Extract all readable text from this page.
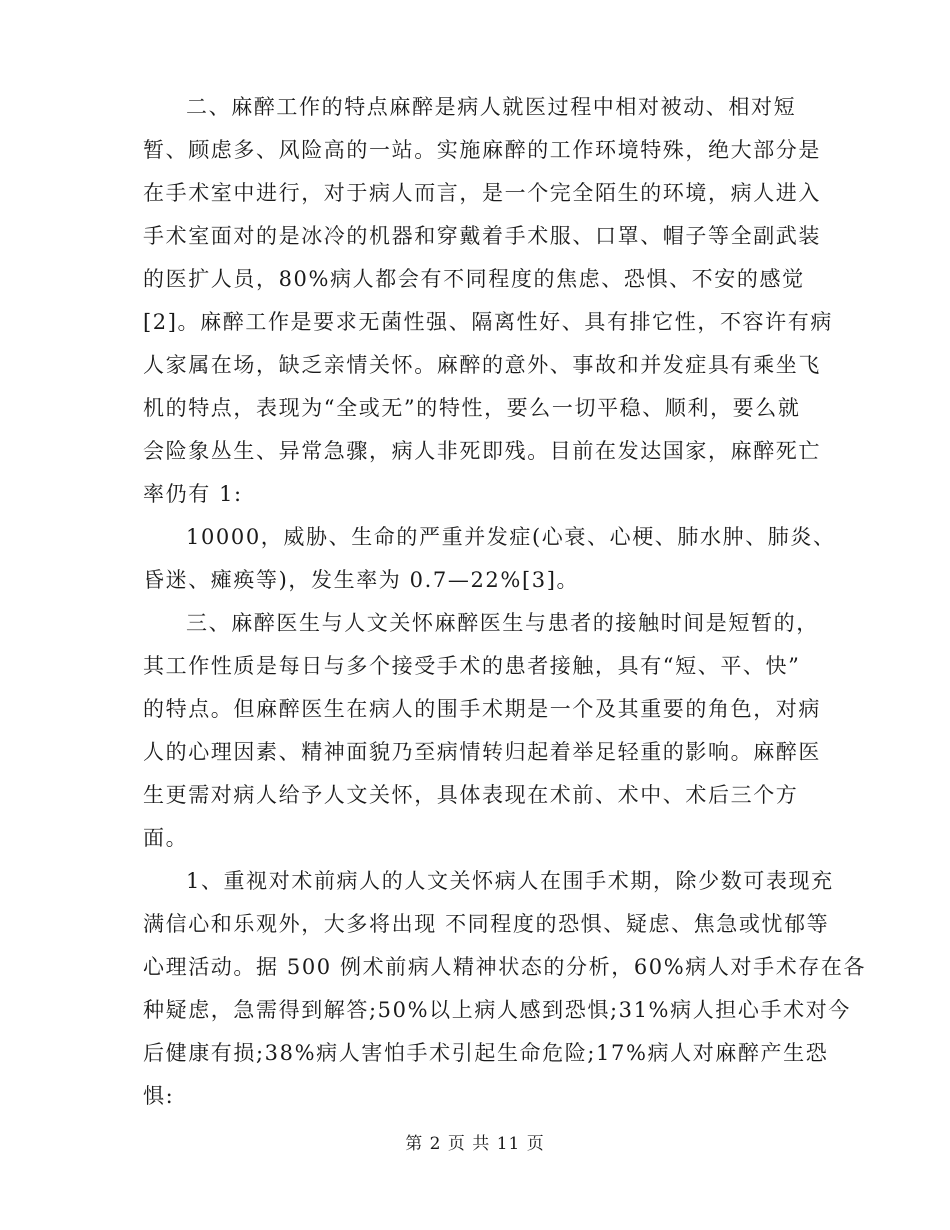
二、麻醉工作的特点麻醉是病人就医过程中相对被动、相对短
暂、顾虑多、风险高的一站。实施麻醉的工作环境特殊，绝大部分是
在手术室中进行，对于病人而言，是一个完全陌生的环境，病人进入
手术室面对的是冰冷的机器和穿戴着手术服、口罩、帽子等全副武装
的医扩人员，80%病人都会有不同程度的焦虑、恐惧、不安的感觉
[2]。麻醉工作是要求无菌性强、隔离性好、具有排它性，不容许有病
人家属在场，缺乏亲情关怀。麻醉的意外、事故和并发症具有乘坐飞
机的特点，表现为“全或无”的特性，要么一切平稳、顺利，要么就
会险象丛生、异常急骤，病人非死即残。目前在发达国家，麻醉死亡
率仍有 1:
10000，威胁、生命的严重并发症(心衰、心梗、肺水肿、肺炎、
昏迷、瘫痪等)，发生率为 0.7—22%[3]。
三、麻醉医生与人文关怀麻醉医生与患者的接触时间是短暂的，
其工作性质是每日与多个接受手术的患者接触，具有“短、平、快”
的特点。但麻醉医生在病人的围手术期是一个及其重要的角色，对病
人的心理因素、精神面貌乃至病情转归起着举足轻重的影响。麻醉医
生更需对病人给予人文关怀，具体表现在术前、术中、术后三个方
面。
1、重视对术前病人的人文关怀病人在围手术期，除少数可表现充
满信心和乐观外，大多将出现 不同程度的恐惧、疑虑、焦急或忧郁等
心理活动。据 500 例术前病人精神状态的分析，60%病人对手术存在各
种疑虑，急需得到解答;50%以上病人感到恐惧;31%病人担心手术对今
后健康有损;38%病人害怕手术引起生命危险;17%病人对麻醉产生恐
惧:
第 2 页 共 11 页
